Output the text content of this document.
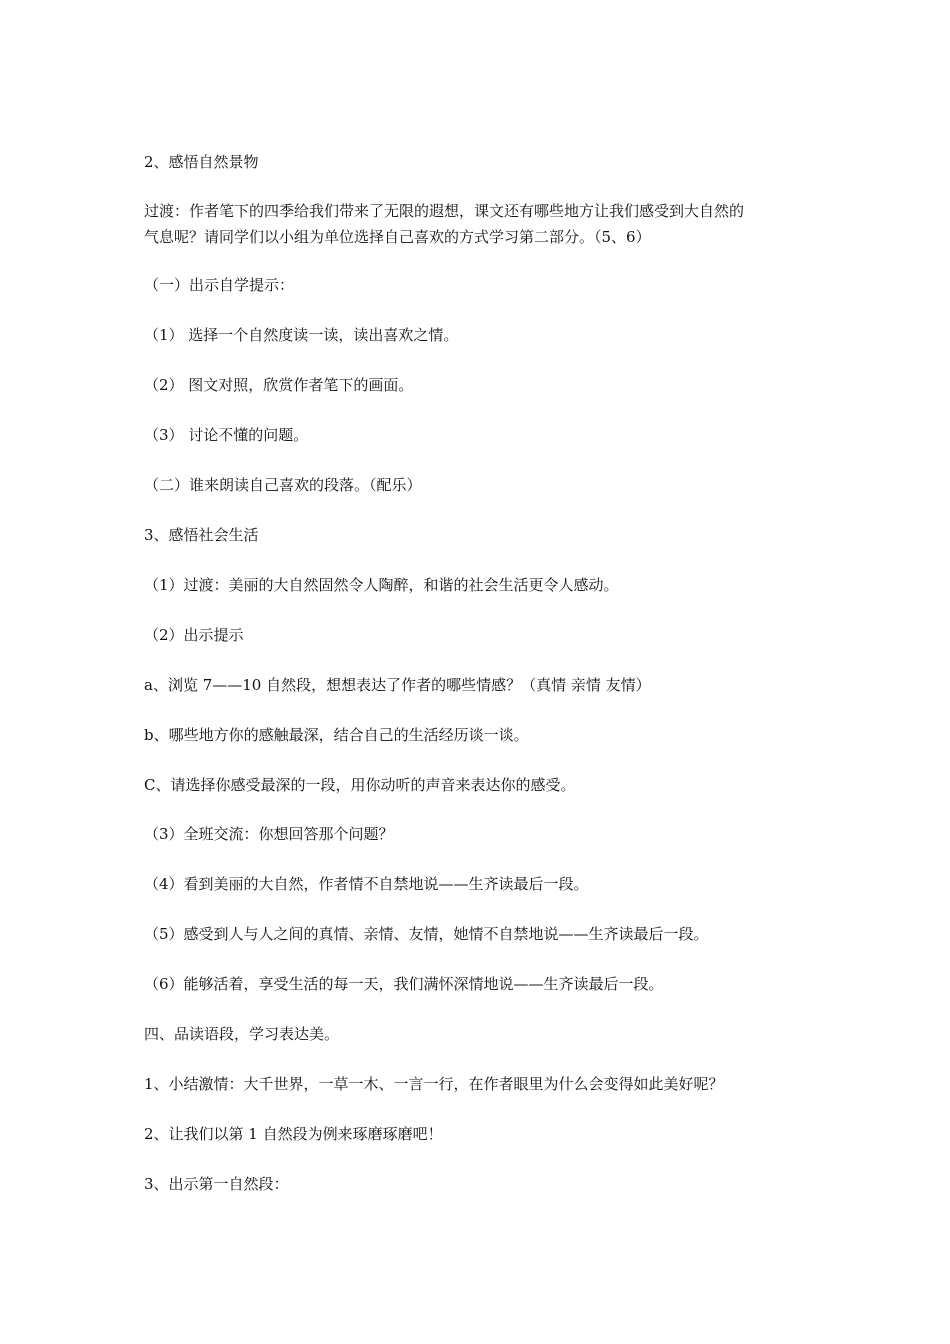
2、感悟自然景物
过渡：作者笔下的四季给我们带来了无限的遐想，课文还有哪些地方让我们感受到大自然的
气息呢？请同学们以小组为单位选择自己喜欢的方式学习第二部分。（5、6）
（一）出示自学提示：
（1） 选择一个自然度读一读，读出喜欢之情。
（2） 图文对照，欣赏作者笔下的画面。
（3） 讨论不懂的问题。
（二）谁来朗读自己喜欢的段落。（配乐）
3、感悟社会生活
（1）过渡：美丽的大自然固然令人陶醉，和谐的社会生活更令人感动。
（2）出示提示
a、浏览 7——10 自然段，想想表达了作者的哪些情感？（真情 亲情 友情）
b、哪些地方你的感触最深，结合自己的生活经历谈一谈。
C、请选择你感受最深的一段，用你动听的声音来表达你的感受。
（3）全班交流：你想回答那个问题？
（4）看到美丽的大自然，作者情不自禁地说——生齐读最后一段。
（5）感受到人与人之间的真情、亲情、友情，她情不自禁地说——生齐读最后一段。
（6）能够活着，享受生活的每一天，我们满怀深情地说——生齐读最后一段。
四、品读语段，学习表达美。
1、小结激情：大千世界，一草一木、一言一行，在作者眼里为什么会变得如此美好呢？
2、让我们以第 1 自然段为例来琢磨琢磨吧！
3、出示第一自然段：
